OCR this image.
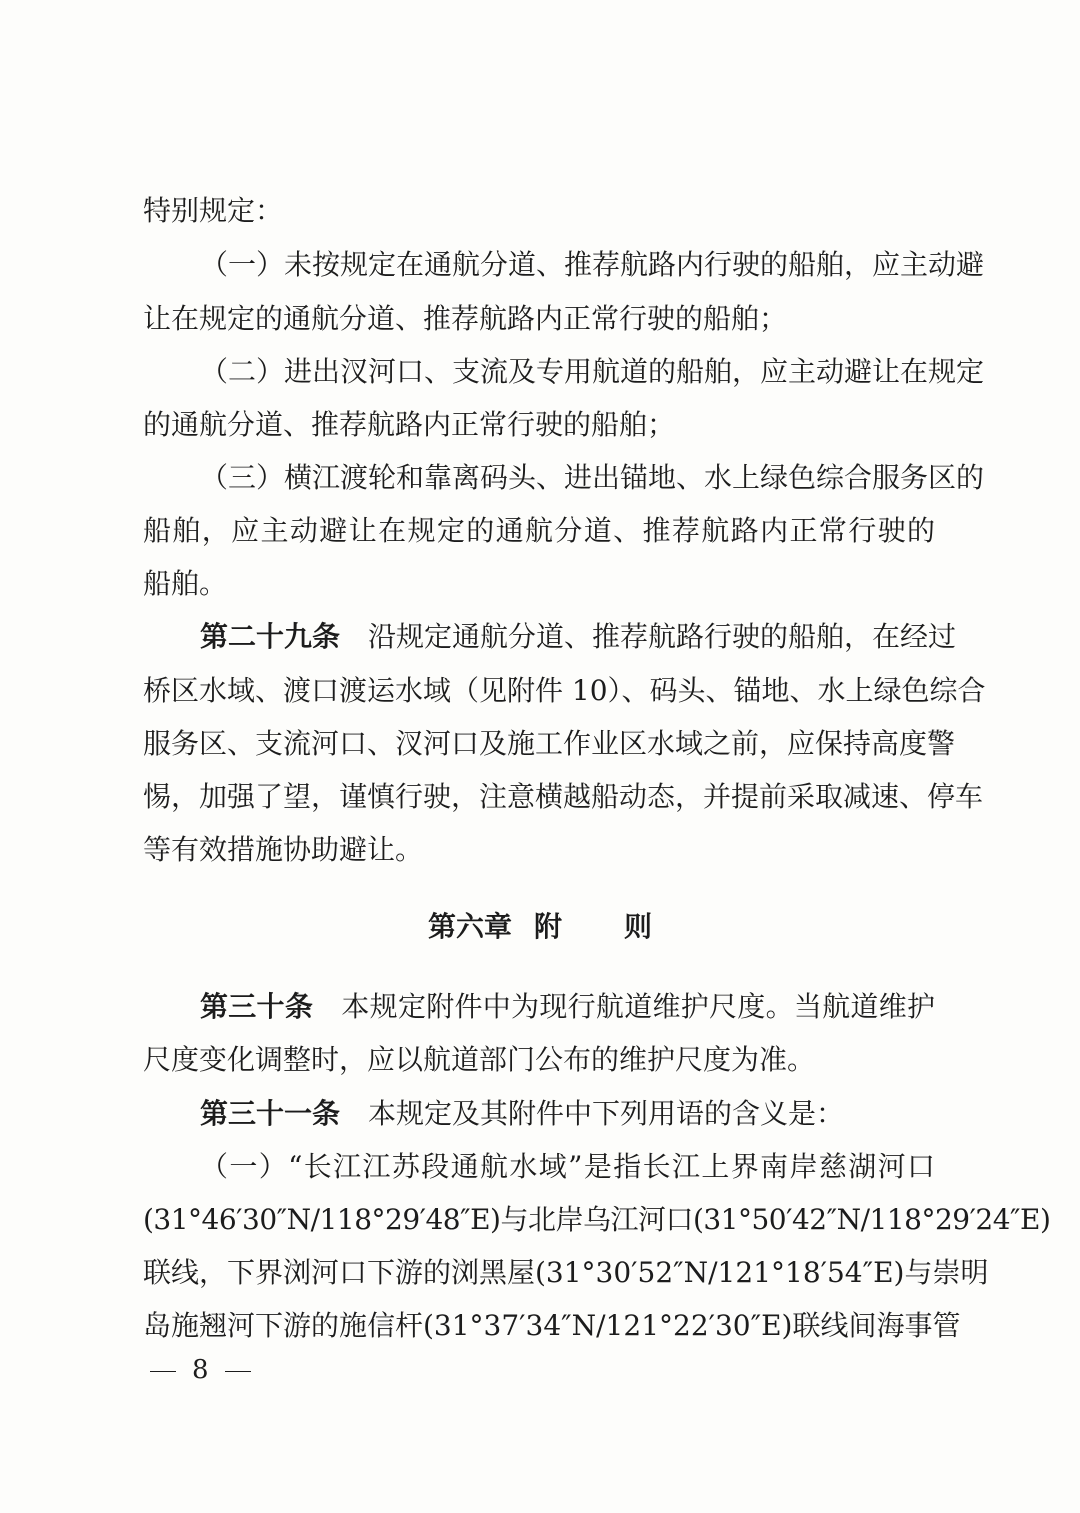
特别规定：
（一）未按规定在通航分道、推荐航路内行驶的船舶，应主动避
让在规定的通航分道、推荐航路内正常行驶的船舶；
（二）进出汊河口、支流及专用航道的船舶，应主动避让在规定
的通航分道、推荐航路内正常行驶的船舶；
（三）横江渡轮和靠离码头、进出锚地、水上绿色综合服务区的
船舶，应主动避让在规定的通航分道、推荐航路内正常行驶的
船舶。
第二十九条 沿规定通航分道、推荐航路行驶的船舶，在经过
桥区水域、渡口渡运水域（见附件 10）、码头、锚地、水上绿色综合
服务区、支流河口、汊河口及施工作业区水域之前，应保持高度警
惕，加强了望，谨慎行驶，注意横越船动态，并提前采取减速、停车
等有效措施协助避让。
第六章 附 则
第三十条 本规定附件中为现行航道维护尺度。当航道维护
尺度变化调整时，应以航道部门公布的维护尺度为准。
第三十一条 本规定及其附件中下列用语的含义是：
（一）“长江江苏段通航水域”是指长江上界南岸慈湖河口
(31°46′30″N/118°29′48″E)与北岸乌江河口(31°50′42″N/118°29′24″E)
联线，下界浏河口下游的浏黑屋(31°30′52″N/121°18′54″E)与崇明
岛施翘河下游的施信杆(31°37′34″N/121°22′30″E)联线间海事管
8
